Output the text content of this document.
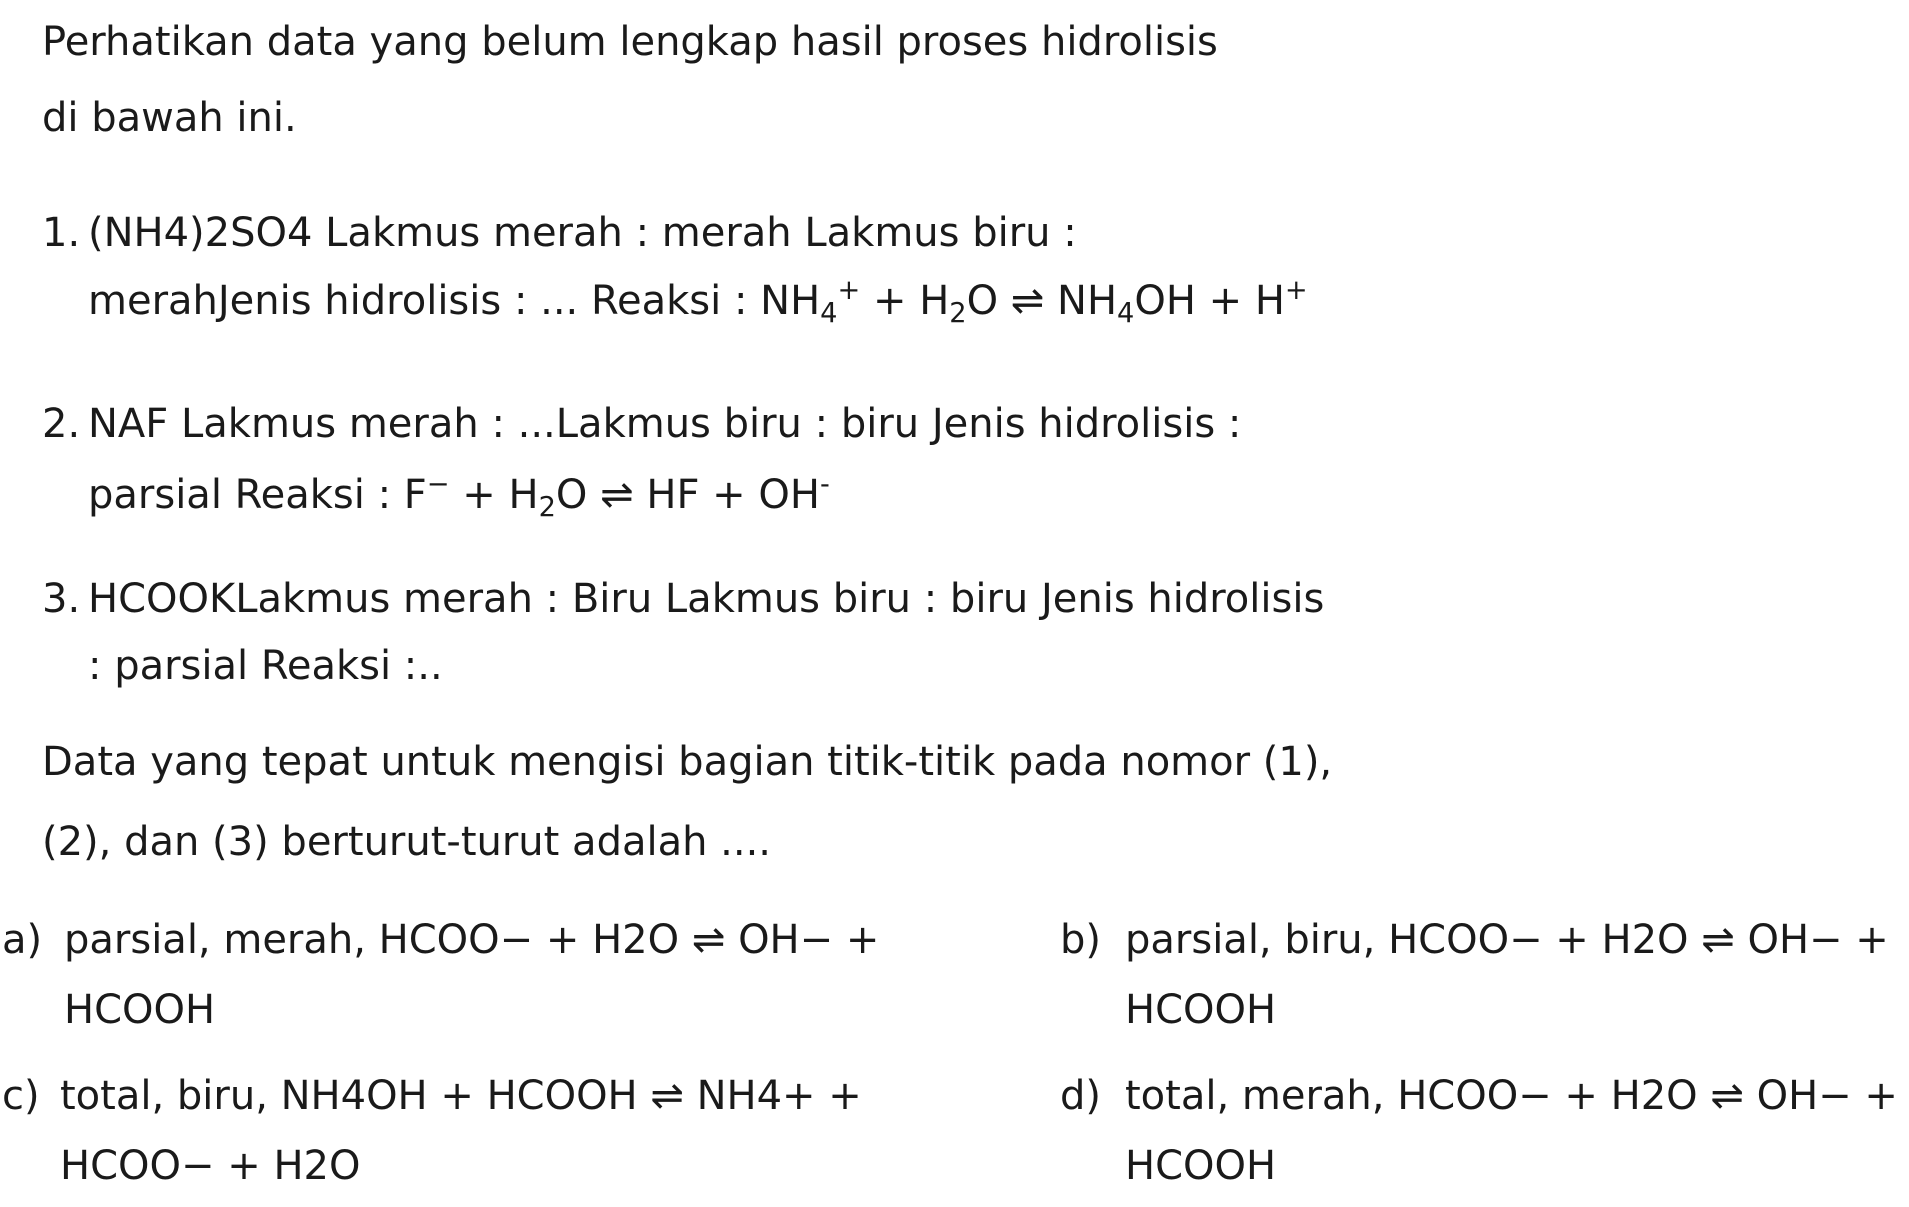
Perhatikan data yang belum lengkap hasil proses hidrolisis
di bawah ini.
1. (NH4)2SO4 Lakmus merah : merah Lakmus biru :
merahJenis hidrolisis : ... Reaksi : $NH_4^+ + H_2O$ ⇌ $NH_4OH + H^+$
2. NAF Lakmus merah : ...Lakmus biru : biru Jenis hidrolisis :
parsial Reaksi : $F^- + H_2O$ ⇌ HF + OH-
3. HCOOKLakmus merah : Biru Lakmus biru : biru Jenis hidrolisis
: parsial Reaksi :..
Data yang tepat untuk mengisi bagian titik-titik pada nomor (1),
(2), dan (3) berturut-turut adalah ....
a) parsial, merah, HCOO− + H2O ⇌ OH− +
HCOOH
b) parsial, biru, HCOO− + H2O ⇌ OH− +
HCOOH
c) total, biru, NH4OH + HCOOH ⇌ NH4+ +
HCOO− + H2O
d) total, merah, HCOO− + H2O ⇌ OH− +
HCOOH
